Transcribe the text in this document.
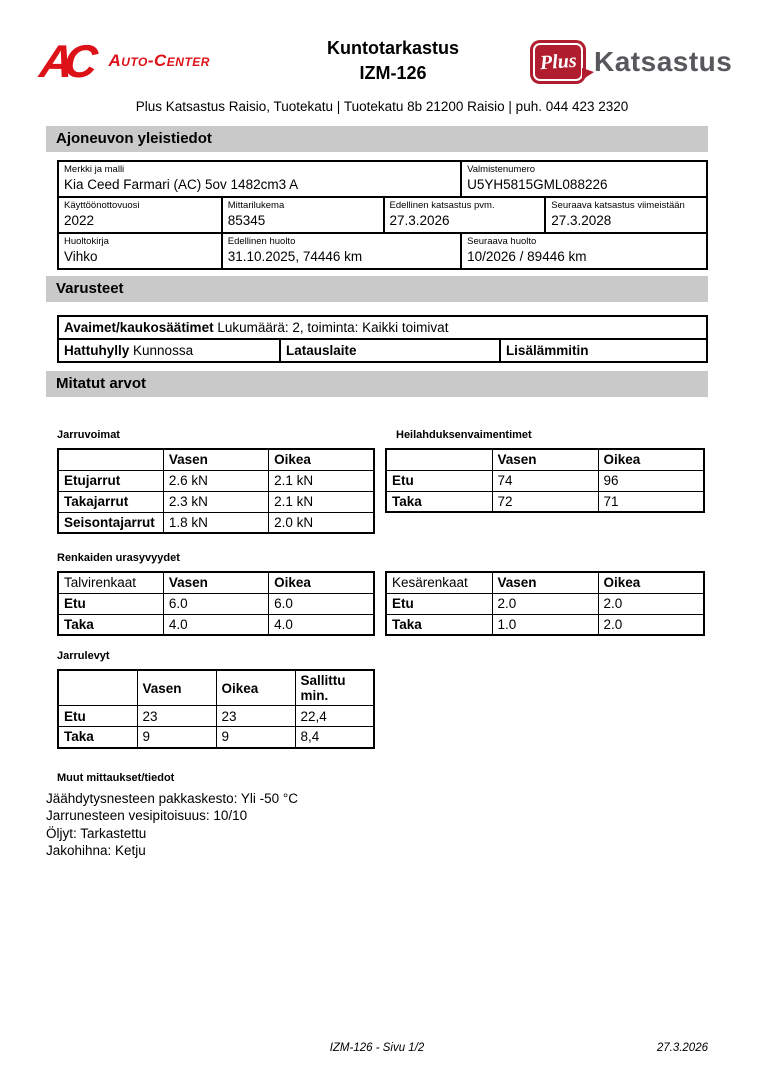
AC	Auto-Center
Kuntotarkastus
IZM-126	Plus Katsastus
Plus Katsastus Raisio, Tuotekatu | Tuotekatu 8b 21200 Raisio | puh. 044 423 2320
Ajoneuvon yleistiedot
Merkki ja malli
Kia Ceed Farmari (AC) 5ov 1482cm3 A
Valmistenumero
U5YH5815GML088226
Käyttöönottovuosi
2022
Mittarilukema
85345
Edellinen katsastus pvm.
27.3.2026
Seuraava katsastus viimeistään
27.3.2028
Huoltokirja
Vihko
Edellinen huolto
31.10.2025, 74446 km
Seuraava huolto
10/2026 / 89446 km
Varusteet
Avaimet/kaukosäätimet Lukumäärä: 2, toiminta: Kaikki toimivat
Hattuhylly Kunnossa	Latauslaite	Lisälämmitin
Mitatut arvot
Jarruvoimat	Heilahduksenvaimentimet
	Vasen	Oikea
Etujarrut	2.6 kN	2.1 kN
Takajarrut	2.3 kN	2.1 kN
Seisontajarrut	1.8 kN	2.0 kN
	Vasen	Oikea
Etu	74	96
Taka	72	71
Renkaiden urasyvyydet
Talvirenkaat	Vasen	Oikea
Etu	6.0	6.0
Taka	4.0	4.0
Kesärenkaat	Vasen	Oikea
Etu	2.0	2.0
Taka	1.0	2.0
Jarrulevyt
	Vasen	Oikea	Sallittu min.
Etu	23	23	22,4
Taka	9	9	8,4
Muut mittaukset/tiedot
Jäähdytysnesteen pakkaskesto: Yli -50 °C
Jarrunesteen vesipitoisuus: 10/10
Öljyt: Tarkastettu
Jakohihna: Ketju
IZM-126 - Sivu 1/2	27.3.2026
